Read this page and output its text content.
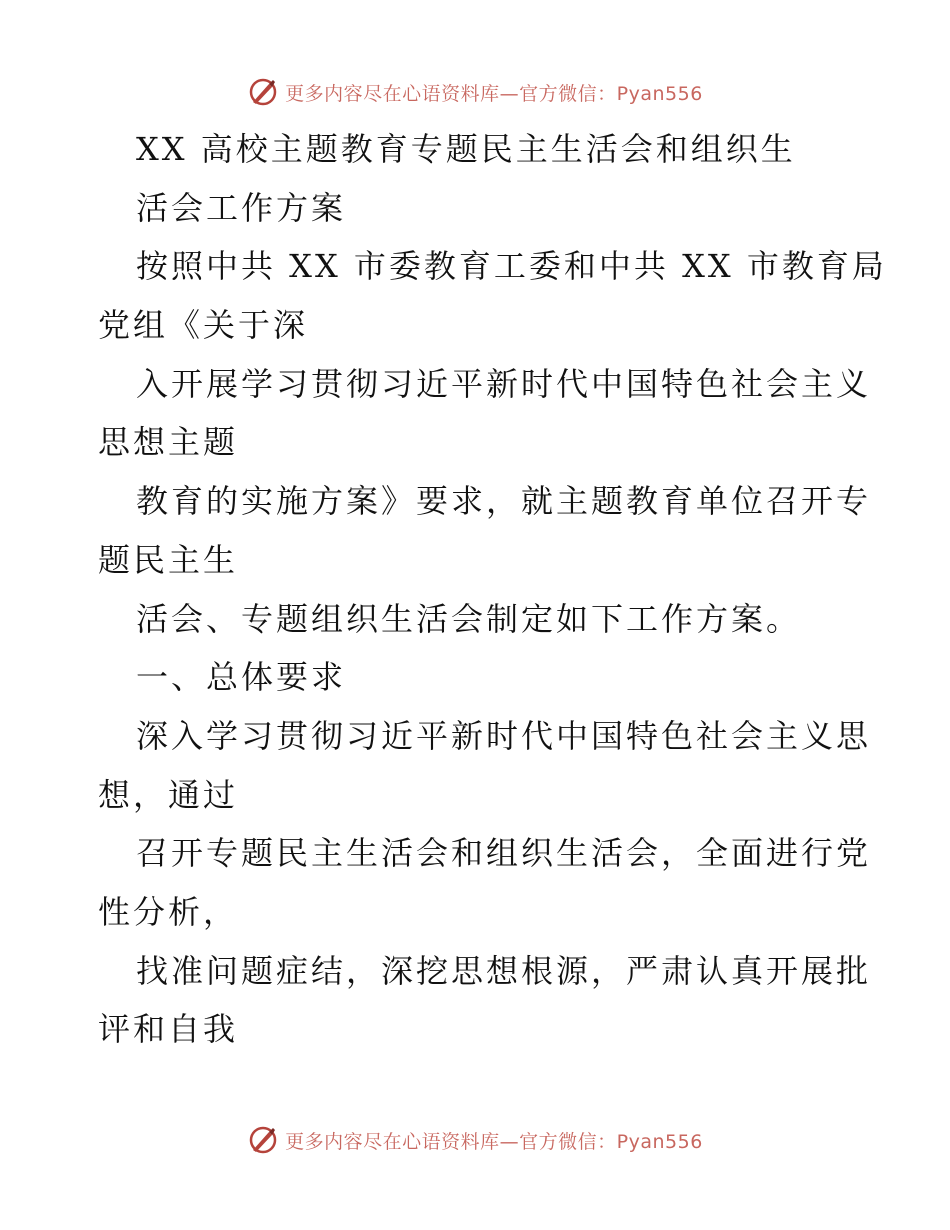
更多内容尽在心语资料库—官方微信：Pyan556
XX 高校主题教育专题民主生活会和组织生
活会工作方案
按照中共 XX 市委教育工委和中共 XX 市教育局
党组《关于深
入开展学习贯彻习近平新时代中国特色社会主义
思想主题
教育的实施方案》要求，就主题教育单位召开专
题民主生
活会、专题组织生活会制定如下工作方案。
一、总体要求
深入学习贯彻习近平新时代中国特色社会主义思
想，通过
召开专题民主生活会和组织生活会，全面进行党
性分析，
找准问题症结，深挖思想根源，严肃认真开展批
评和自我
更多内容尽在心语资料库—官方微信：Pyan556
